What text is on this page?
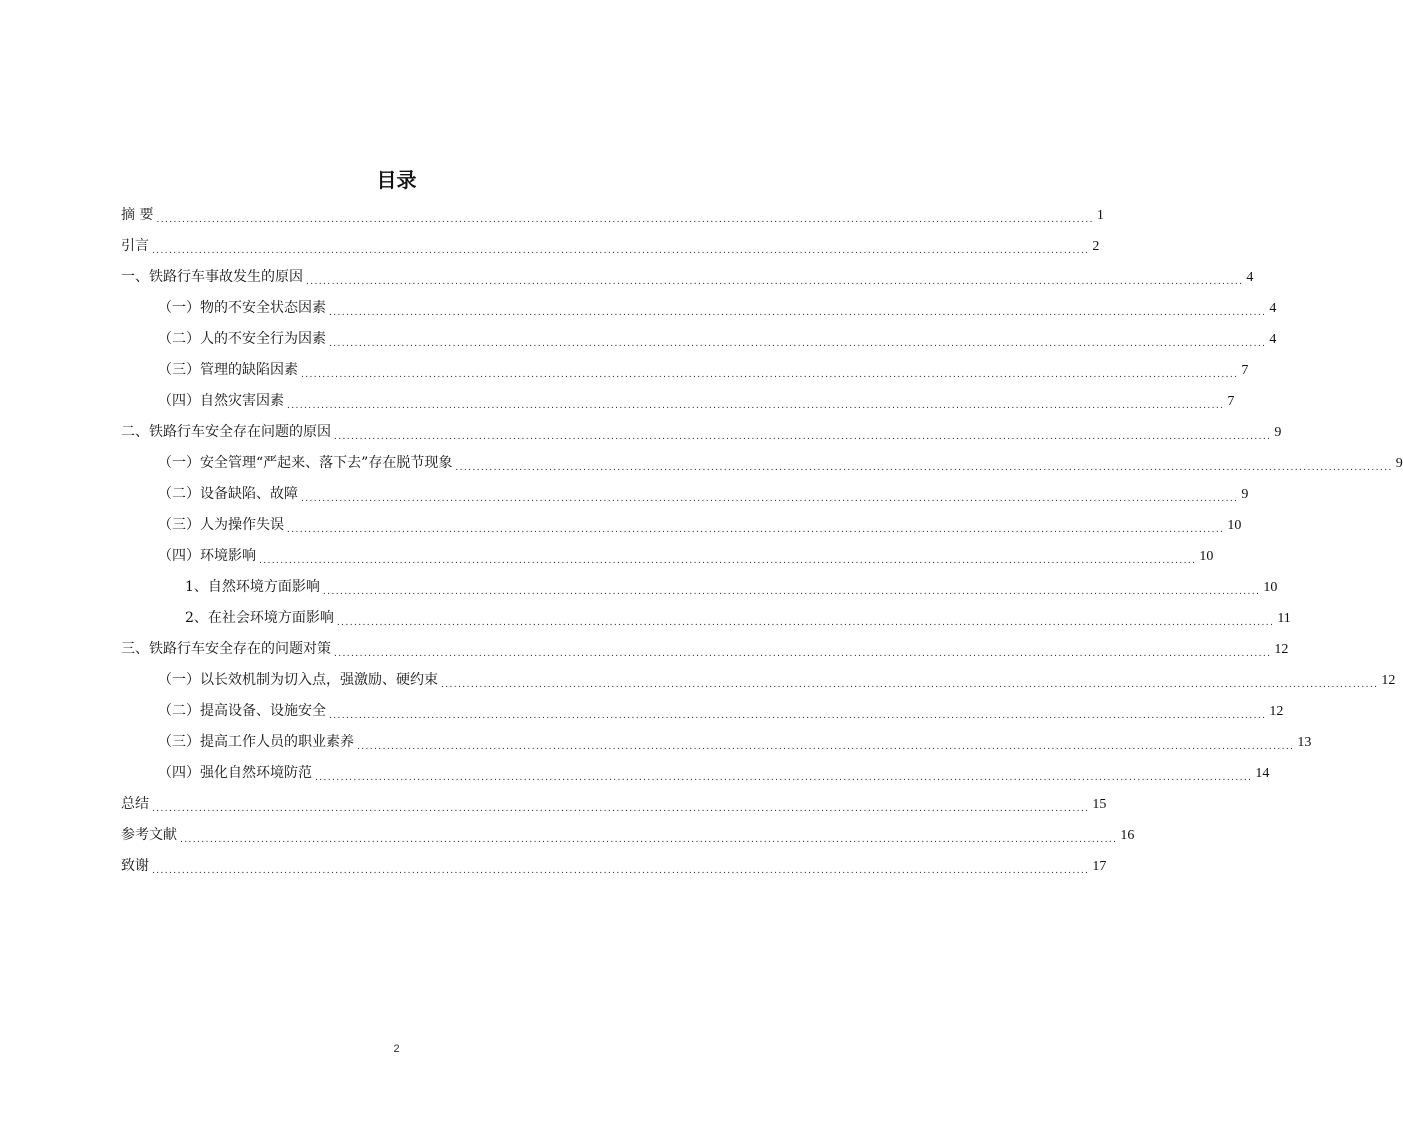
目录
摘 要 ............................................................................................................................................................................................................................ 1
引言 ............................................................................................................................................................................................................................ 2
一、铁路行车事故发生的原因 ............................................................................................................................................................................................................................ 4
（一）物的不安全状态因素 ............................................................................................................................................................................................................................ 4
（二）人的不安全行为因素 ............................................................................................................................................................................................................................ 4
（三）管理的缺陷因素 ............................................................................................................................................................................................................................ 7
（四）自然灾害因素 ............................................................................................................................................................................................................................ 7
二、铁路行车安全存在问题的原因 ............................................................................................................................................................................................................................ 9
（一）安全管理“严起来、落下去”存在脱节现象 ............................................................................................................................................................................................................................ 9
（二）设备缺陷、故障 ............................................................................................................................................................................................................................ 9
（三）人为操作失误 ............................................................................................................................................................................................................................ 10
（四）环境影响 ............................................................................................................................................................................................................................ 10
1、自然环境方面影响 ............................................................................................................................................................................................................................ 10
2、在社会环境方面影响 ............................................................................................................................................................................................................................ 11
三、铁路行车安全存在的问题对策 ............................................................................................................................................................................................................................ 12
（一）以长效机制为切入点，强激励、硬约束 ............................................................................................................................................................................................................................ 12
（二）提高设备、设施安全 ............................................................................................................................................................................................................................ 12
（三）提高工作人员的职业素养 ............................................................................................................................................................................................................................ 13
（四）强化自然环境防范 ............................................................................................................................................................................................................................ 14
总结 ............................................................................................................................................................................................................................ 15
参考文献 ............................................................................................................................................................................................................................ 16
致谢 ............................................................................................................................................................................................................................ 17
2
